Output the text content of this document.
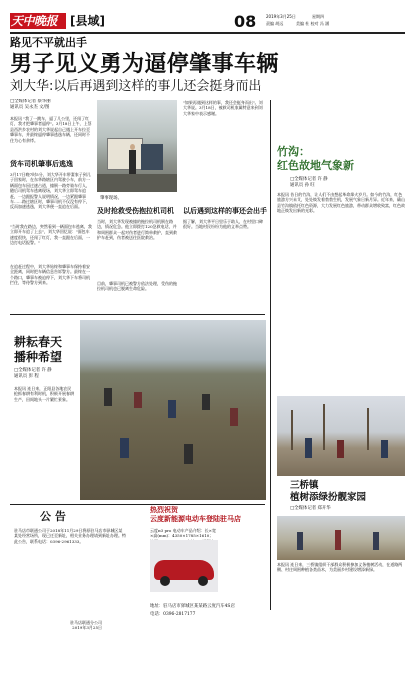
天中晚报	[县域]	08 2019年3月25日	星期四
责编 胡远	美编 杜 校对 冯 涵
路见不平就出手
男子见义勇为逼停肇事车辆
刘大华:以后再遇到这样的事儿还会挺身而出
□全媒体记者 蔡华丽
通讯员 吴永杰 文/图
本报讯 "我了一跳车，逼了几公里，还闯了红灯，我才把肇事者逼停"。3月18日上午，上蔡县西洪乡农村的刘大华说起自己遇上开车拉至肇事车，并最终逼停肇事逃逸车辆，还同时不住为心有余悸。
货车司机肇事后逃逸
3月17日晚7时5分，刘大华开车带妻家子到儿子回家时，在东华路辖区内驾驶小车，前方一辆面包车因过速占道，撞倒一路旁骑车行人，随后司机驾车逃离现场，刘大华立即驾车追赶，一边跟报警人说明情况，一边紧跟肇事车……路过辖区时，肇事司机不仅没有停下，反而加速逃逸，刘大华便一直追在后面。
"当时我在路边，突然看到一辆面包车逃离，我立即开车追了上去"，刘大华回忆说："面包车速度很快，还闯了红灯，我一直跟在后面，一边打电话报警。"
在追赶过程中，刘大华始终和肇事车保持着安全距离，同时把车辆信息告诉警方。最终在一个路口，肇事车被迫停下，刘大华下车将司机拦住，等待警方到来。
肇事现场。
及时抢救受伤抱拉机司机
当时，刘大华发现被撞的拖拉机司机倒在路边，情况危急。他立即拨打120急救电话，并和周围群众一起对伤者进行简单救护，直到救护车赶到，伤者被送往医院救治。
目前，肇事司机已被警方依法处理，受伤的拖拉机司机也已脱离生命危险。
"如果再遇到这样的事，我还会挺身而出"。刘大华说。3月18日，被救司机家属特意来到刘大华家中表示感谢。
以后遇到这样的事还会出手
据了解，刘大华平日里乐于助人，在村里口碑很好。当地村民纷纷为他的义举点赞。
竹沟：
红色故地气象新
□全媒体记者 许 静
通讯员 孙 旺
本报讯 昔日的竹沟，让人们不由想起革命烽火岁月。如今的竹沟，红色旅游方兴未艾，处处焕发着勃勃生机，发展气象日新月异。近年来，确山县竹沟镇依托红色资源，大力发展红色旅游，带动群众增收致富，红色故地正焕发出新的光彩。
三桥镇
植树添绿扮靓家园
□全媒体记者 郑开华
本报讯 连日来，三桥镇组织干部群众积极参加义务植树活动，在道路两侧、村庄周围种植各类苗木，为美丽乡村建设增添新绿。
耕耘春天
播种希望
□全媒体记者 许 静
通讯员 彭 程
本报讯 连日来，正阳县各地农民抢抓春耕有利时机，积极开展春耕生产，田间地头一片繁忙景象。
公 告
驻马店市联通公司于2018年11月29日将原驻马店市驿城区某某处经营场所，现已迁至新址，相关业务办理请到新址办理。特此公告，联系电话：0396-2961333。
驻马店联通分公司
2019年3月25日
热烈祝贺
云度新能源电动车登陆驻马店
云度π3 pro 电动车产品介绍：长×宽×高(mm)：4350×1785×1610；
地址：驻马店市驿城区某某路云度汽车4S店
电话：0396-2817177
